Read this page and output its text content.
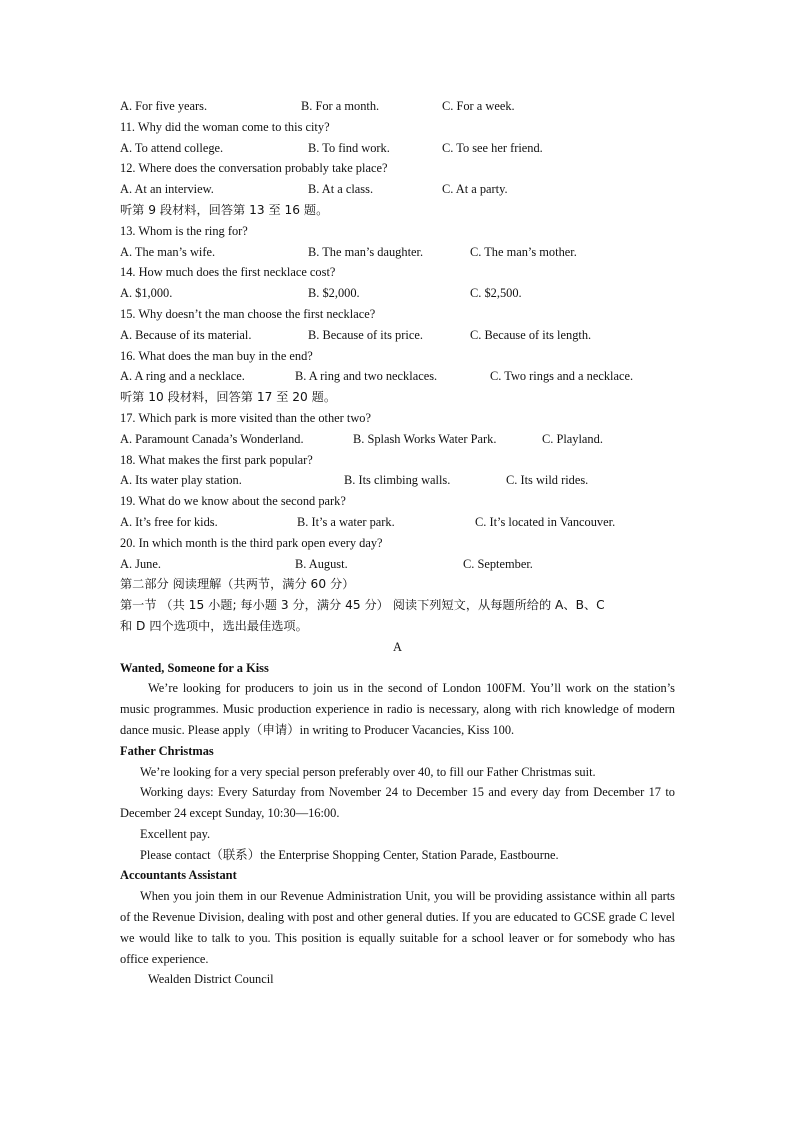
A. For five years.	B. For a month.	C. For a week.
11. Why did the woman come to this city?
A. To attend college.	B. To find work.	C. To see her friend.
12. Where does the conversation probably take place?
A. At an interview.	B. At a class.	C. At a party.
听第 9 段材料，回答第 13 至 16 题。
13. Whom is the ring for?
A. The man’s wife.	B. The man’s daughter.	C. The man’s mother.
14. How much does the first necklace cost?
A. $1,000.	B. $2,000.	C. $2,500.
15. Why doesn’t the man choose the first necklace?
A. Because of its material.	B. Because of its price.	C. Because of its length.
16. What does the man buy in the end?
A. A ring and a necklace.	B. A ring and two necklaces.	C. Two rings and a necklace.
听第 10 段材料，回答第 17 至 20 题。
17. Which park is more visited than the other two?
A. Paramount Canada’s Wonderland.	B. Splash Works Water Park.	C. Playland.
18. What makes the first park popular?
A. Its water play station.	B. Its climbing walls.	C. Its wild rides.
19. What do we know about the second park?
A. It’s free for kids.	B. It’s a water park.	C. It’s located in Vancouver.
20. In which month is the third park open every day?
A. June.	B. August.	C. September.
第二部分 阅读理解（共两节，满分 60 分）
第一节 （共 15 小题; 每小题 3 分，满分 45 分） 阅读下列短文，从每题所给的 A、B、C
和 D 四个选项中，选出最佳选项。
A
Wanted, Someone for a Kiss
We’re looking for producers to join us in the second of London 100FM. You’ll work on the station’s music programmes. Music production experience in radio is necessary, along with rich knowledge of modern dance music. Please apply（申请）in writing to Producer Vacancies, Kiss 100.
Father Christmas
We’re looking for a very special person preferably over 40, to fill our Father Christmas suit.
Working days: Every Saturday from November 24 to December 15 and every day from December 17 to December 24 except Sunday, 10:30—16:00.
Excellent pay.
Please contact（联系）the Enterprise Shopping Center, Station Parade, Eastbourne.
Accountants Assistant
When you join them in our Revenue Administration Unit, you will be providing assistance within all parts of the Revenue Division, dealing with post and other general duties. If you are educated to GCSE grade C level we would like to talk to you. This position is equally suitable for a school leaver or for somebody who has office experience.
Wealden District Council
